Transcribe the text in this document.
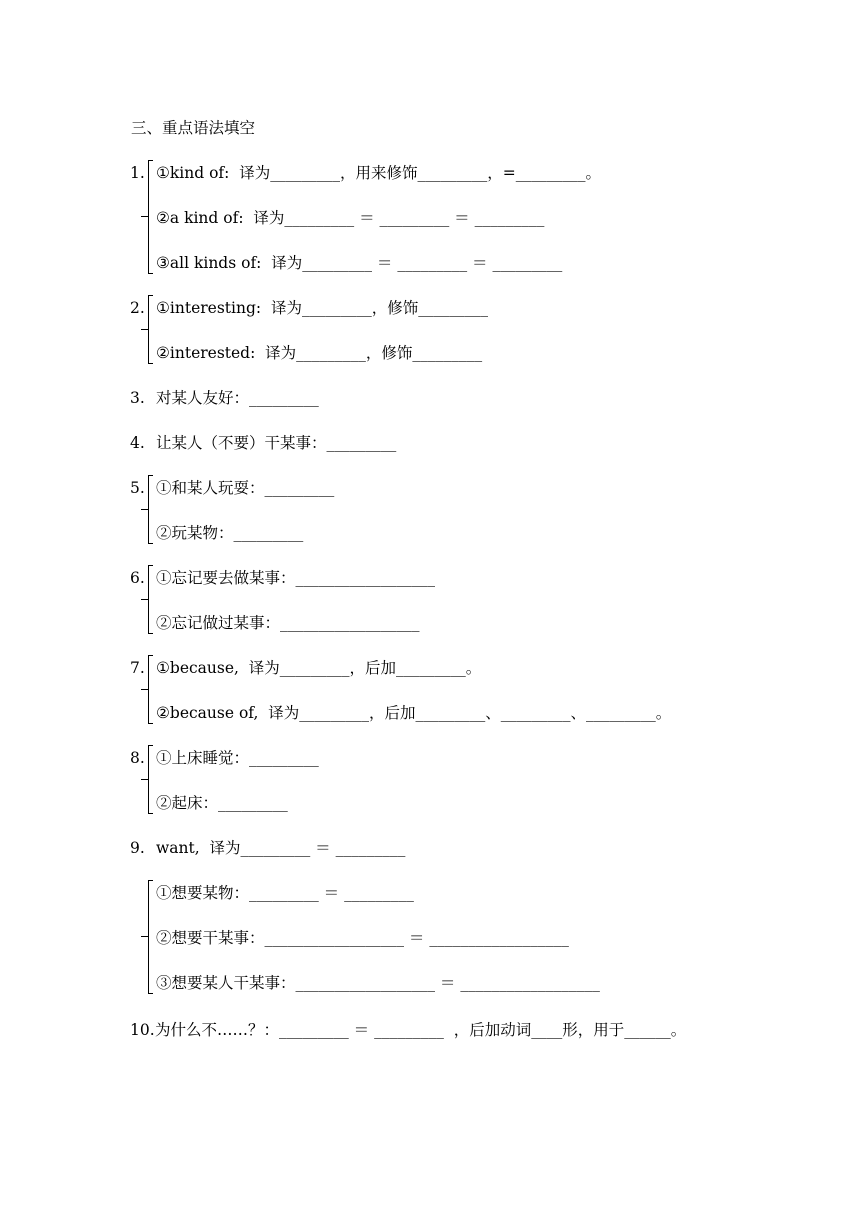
三、重点语法填空
1. ①kind of:  译为_________，用来修饰_________，=_________。
②a kind of:  译为_________ ＝ _________ ＝ _________
③all kinds of:  译为_________ ＝ _________ ＝ _________
2. ①interesting:  译为_________，修饰_________
②interested:  译为_________，修饰_________
3. 对某人友好：_________
4. 让某人（不要）干某事：_________
5. ①和某人玩耍：_________
②玩某物：_________
6. ①忘记要去做某事：__________________
②忘记做过某事：__________________
7. ①because,  译为_________，后加_________。
②because of,  译为_________，后加_________、_________、_________。
8. ①上床睡觉：_________
②起床：_________
9. want,  译为_________ ＝ _________
①想要某物：_________ ＝ _________
②想要干某事：__________________ ＝ __________________
③想要某人干某事：__________________ ＝ __________________
10. 为什么不……？：_________ ＝ _________  ，后加动词____形，用于______。
